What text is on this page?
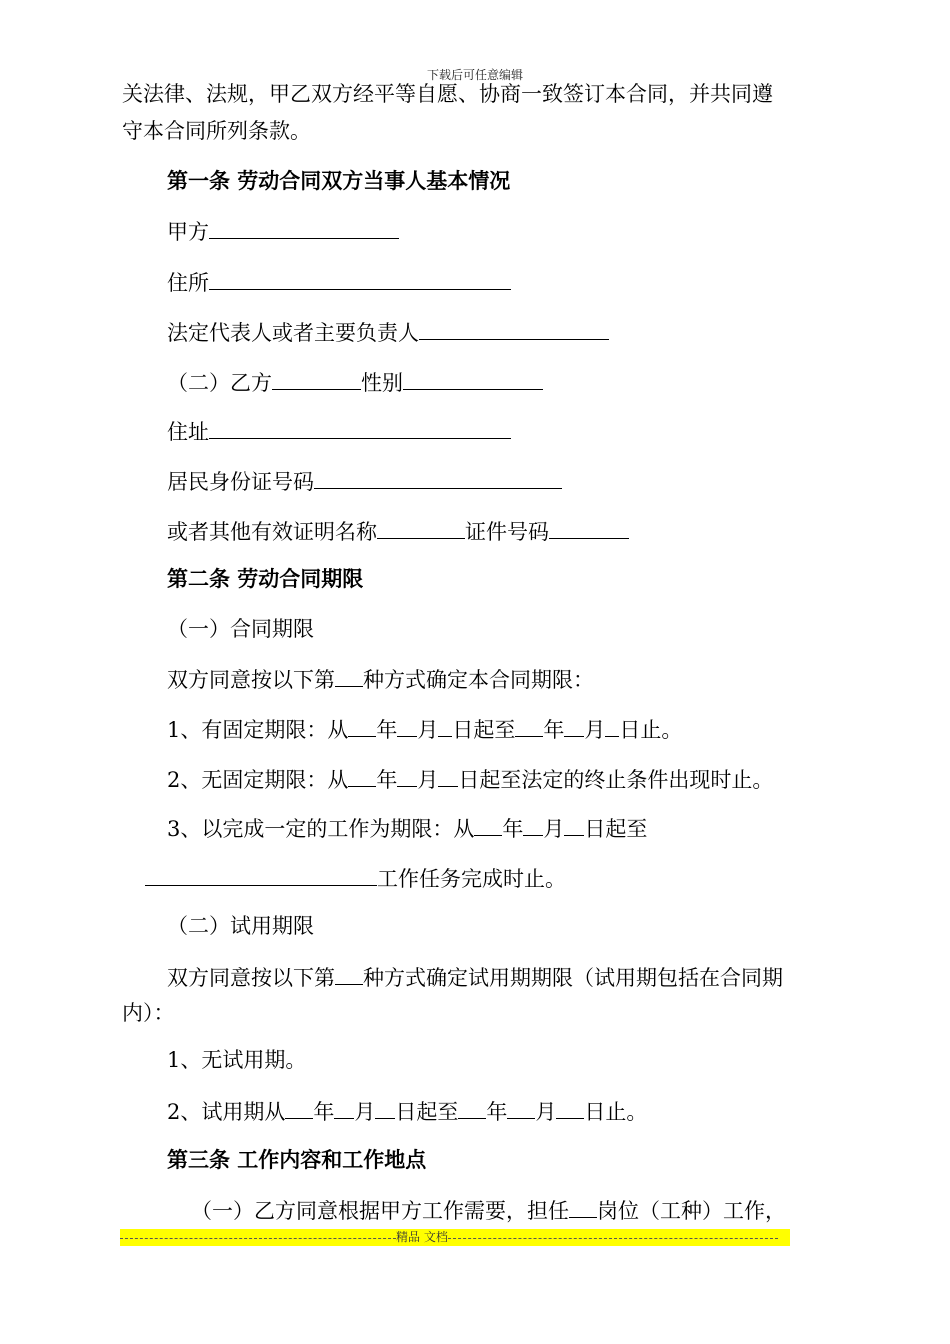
下载后可任意编辑
关法律、法规，甲乙双方经平等自愿、协商一致签订本合同，并共同遵
守本合同所列条款。
第一条 劳动合同双方当事人基本情况
甲方
住所
法定代表人或者主要负责人
（二）乙方	性别
住址
居民身份证号码
或者其他有效证明名称	证件号码
第二条 劳动合同期限
（一）合同期限
双方同意按以下第 种方式确定本合同期限：
1、有固定期限：从 年 月 日起至 年 月 日止。
2、无固定期限：从 年 月 日起至法定的终止条件出现时止。
3、以完成一定的工作为期限：从 年 月 日起至
工作任务完成时止。
（二）试用期限
双方同意按以下第 种方式确定试用期期限（试用期包括在合同期
内）：
1、无试用期。
2、试用期从 年 月 日起至 年 月 日止。
第三条 工作内容和工作地点
（一）乙方同意根据甲方工作需要，担任 岗位（工种）工作，
精品 文档
